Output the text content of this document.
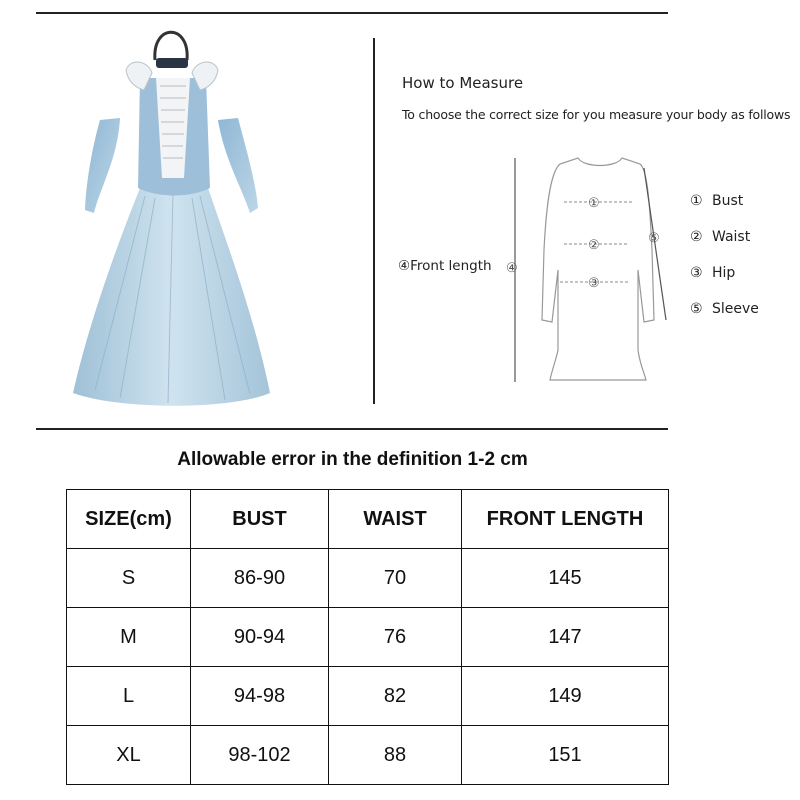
How to Measure
To choose the correct size for you measure your body as follows
④Front length
①
②
③
④
⑤
① Bust
② Waist
③ Hip
⑤ Sleeve
Allowable error in the definition 1-2 cm
SIZE(cm)	BUST	WAIST	FRONT LENGTH
S	86-90	70	145
M	90-94	76	147
L	94-98	82	149
XL	98-102	88	151
